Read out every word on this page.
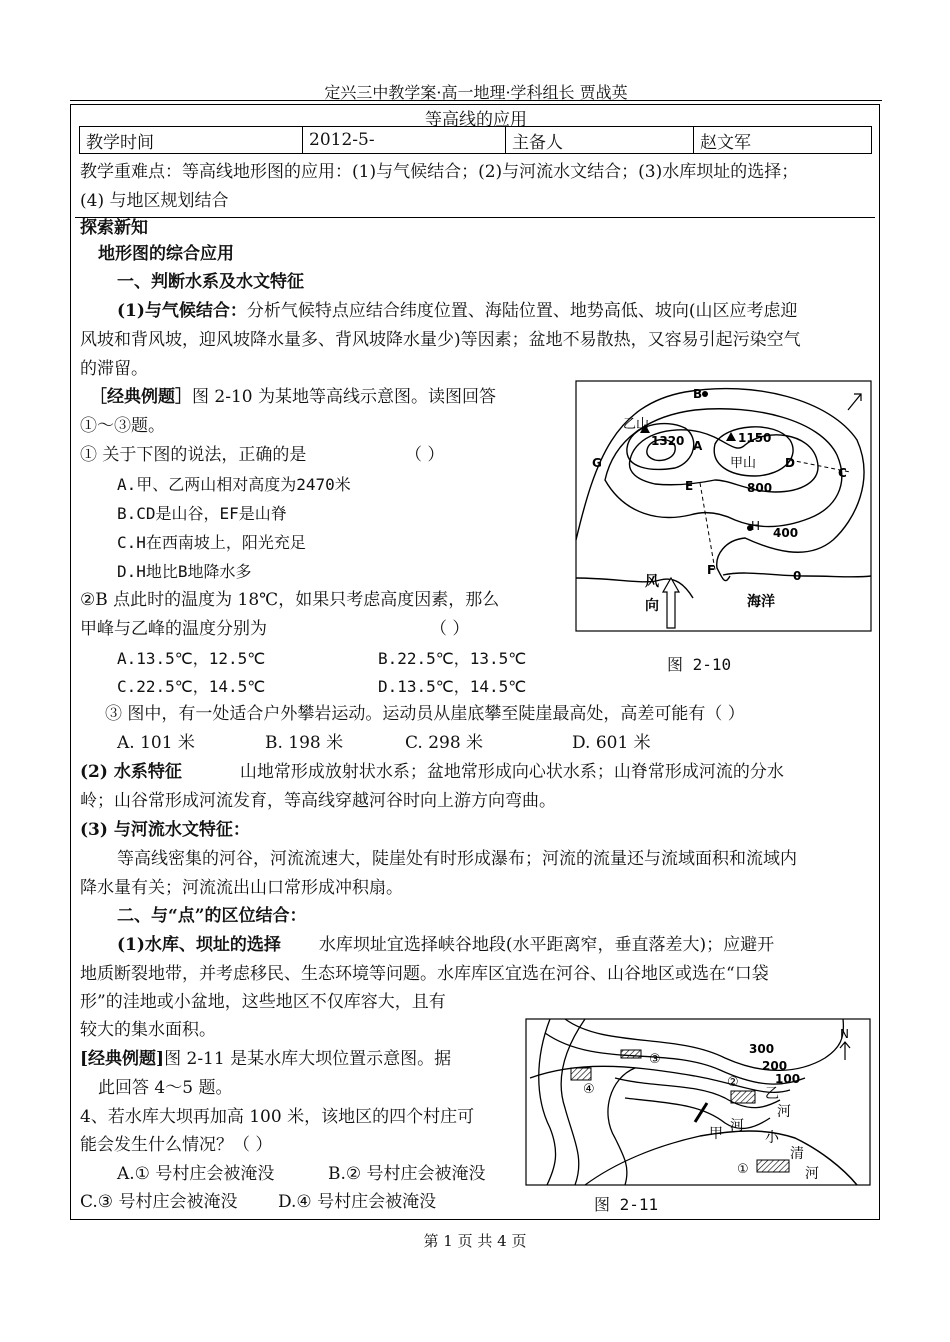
定兴三中教学案·高一地理·学科组长 贾战英
等高线的应用
教学时间	2012-5-	主备人	赵文军
教学重难点：等高线地形图的应用：(1)与气候结合；(2)与河流水文结合；(3)水库坝址的选择；
(4) 与地区规划结合
探索新知
地形图的综合应用
一、判断水系及水文特征
(1)与气候结合：分析气候特点应结合纬度位置、海陆位置、地势高低、坡向(山区应考虑迎
风坡和背风坡，迎风坡降水量多、背风坡降水量少)等因素；盆地不易散热，又容易引起污染空气
的滞留。
［经典例题］图 2-10 为某地等高线示意图。读图回答
①～③题。
① 关于下图的说法，正确的是	（ ）
A.甲、乙两山相对高度为2470米
B.CD是山谷，EF是山脊
C.H在西南坡上，阳光充足
D.H地比B地降水多
②B 点此时的温度为 18℃，如果只考虑高度因素，那么
甲峰与乙峰的温度分别为	（ ）
A.13.5℃，12.5℃	B.22.5℃，13.5℃
C.22.5℃，14.5℃	D.13.5℃，14.5℃
③ 图中，有一处适合户外攀岩运动。运动员从崖底攀至陡崖最高处，高差可能有（ ）
A. 101 米	B. 198 米	C. 298 米	D. 601 米
B
乙山
1320 A
1150
甲山 D
C
G
E	800
H 400
F	0
风
向	海洋
图 2-10
(2) 水系特征	山地常形成放射状水系；盆地常形成向心状水系；山脊常形成河流的分水
岭；山谷常形成河流发育，等高线穿越河谷时向上游方向弯曲。
(3) 与河流水文特征：
等高线密集的河谷，河流流速大，陡崖处有时形成瀑布；河流的流量还与流域面积和流域内
降水量有关；河流流出山口常形成冲积扇。
二、与“点”的区位结合：
(1)水库、坝址的选择 水库坝址宜选择峡谷地段(水平距离窄，垂直落差大)；应避开
地质断裂地带，并考虑移民、生态环境等问题。水库库区宜选在河谷、山谷地区或选在“口袋
形”的洼地或小盆地，这些地区不仅库容大，且有
较大的集水面积。
[经典例题]图 2-11 是某水库大坝位置示意图。据
此回答 4～5 题。
4、若水库大坝再加高 100 米，该地区的四个村庄可
能会发生什么情况？（ ）
A.① 号村庄会被淹没	B.② 号村庄会被淹没
C.③ 号村庄会被淹没 D.④ 号村庄会被淹没
N
300
200
100
③
④	②
①
乙
河
甲 河
小
清
河
图 2-11
第 1 页 共 4 页
